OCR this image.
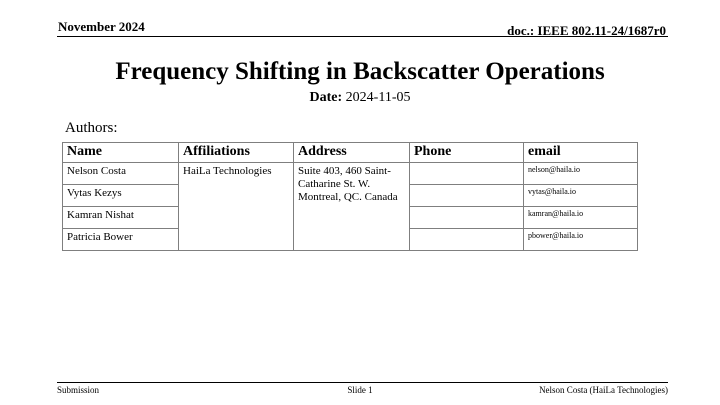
November 2024	doc.: IEEE 802.11-24/1687r0
Frequency Shifting in Backscatter Operations
Date: 2024-11-05
Authors:
Name	Affiliations	Address	Phone	email
Nelson Costa	HaiLa Technologies	Suite 403, 460 Saint-Catharine St. W. Montreal, QC. Canada		nelson@haila.io
Vytas Kezys				vytas@haila.io
Kamran Nishat				kamran@haila.io
Patricia Bower				pbower@haila.io
Submission	Slide 1	Nelson Costa (HaiLa Technologies)
